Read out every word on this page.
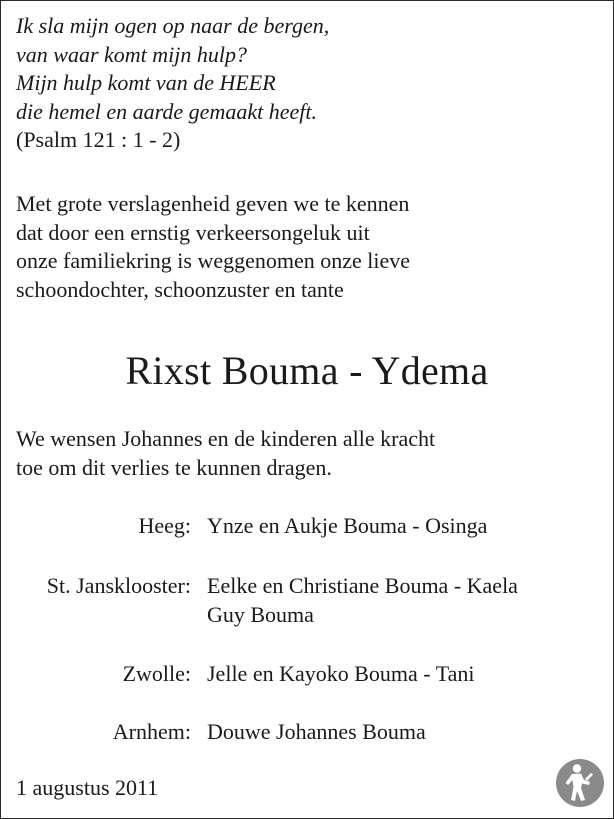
Ik sla mijn ogen op naar de bergen,
van waar komt mijn hulp?
Mijn hulp komt van de HEER
die hemel en aarde gemaakt heeft.
(Psalm 121 : 1 - 2)
Met grote verslagenheid geven we te kennen
dat door een ernstig verkeersongeluk uit
onze familiekring is weggenomen onze lieve
schoondochter, schoonzuster en tante
Rixst Bouma - Ydema
We wensen Johannes en de kinderen alle kracht
toe om dit verlies te kunnen dragen.
Heeg: Ynze en Aukje Bouma - Osinga
St. Jansklooster: Eelke en Christiane Bouma - Kaela
Guy Bouma
Zwolle: Jelle en Kayoko Bouma - Tani
Arnhem: Douwe Johannes Bouma
1 augustus 2011
